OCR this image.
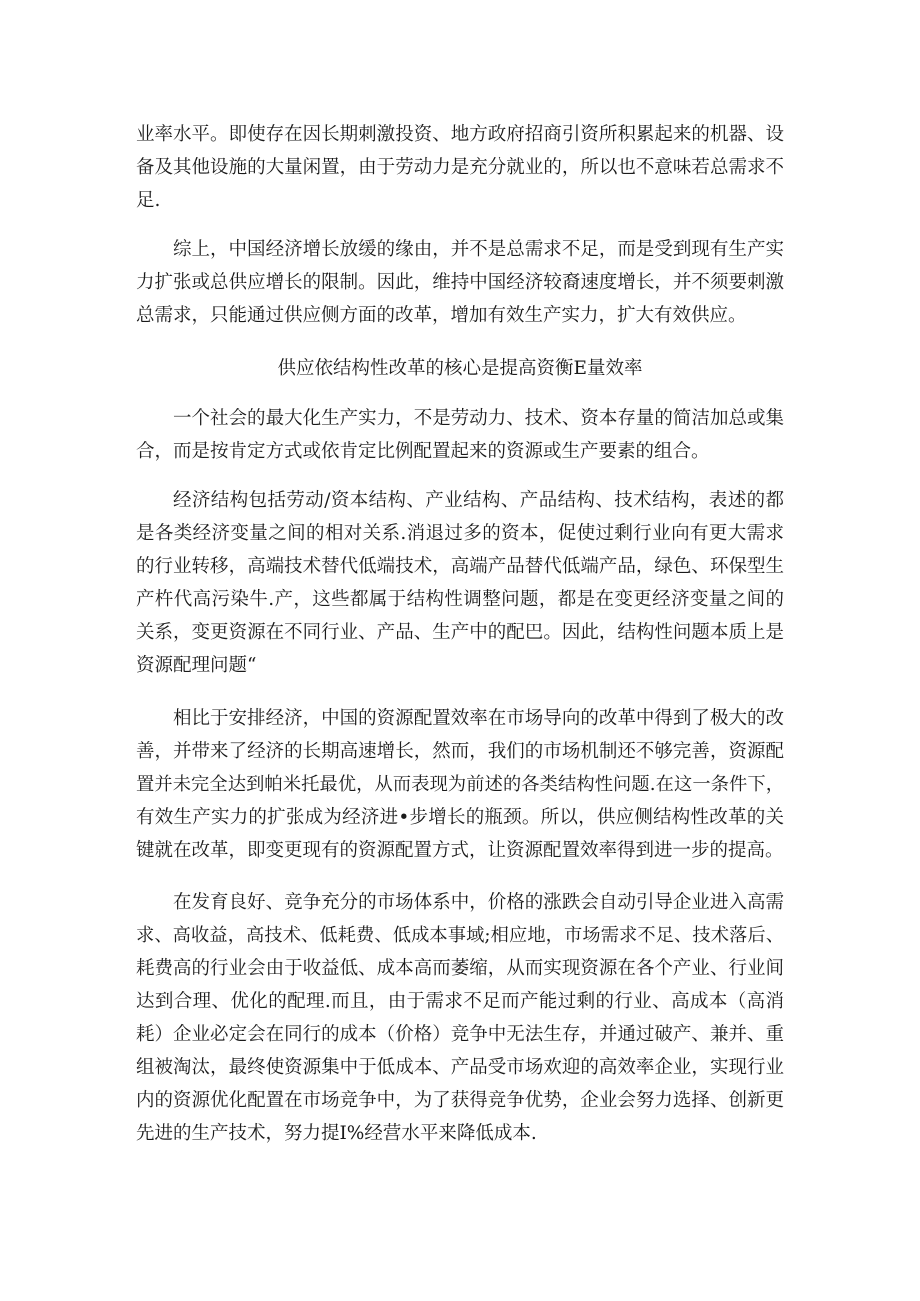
业率水平。即使存在因长期刺激投资、地方政府招商引资所积累起来的机器、设
备及其他设施的大量闲置，由于劳动力是充分就业的，所以也不意味若总需求不
足.
综上，中国经济增长放缓的缘由，并不是总需求不足，而是受到现有生产实
力扩张或总供应增长的限制。因此，维持中国经济较裔速度增长，并不须要刺激
总需求，只能通过供应侧方面的改革，增加有效生产实力，扩大有效供应。
供应依结构性改革的核心是提高资衡E量效率
一个社会的最大化生产实力，不是劳动力、技术、资本存量的简洁加总或集
合，而是按肯定方式或依肯定比例配置起来的资源或生产要素的组合。
经济结构包括劳动/资本结构、产业结构、产品结构、技术结构，表述的都
是各类经济变量之间的相对关系.消退过多的资本，促使过剩行业向有更大需求
的行业转移，高端技术替代低端技术，高端产品替代低端产品，绿色、环保型生
产杵代高污染牛.产，这些都属于结构性调整问题，都是在变更经济变量之间的
关系，变更资源在不同行业、产品、生产中的配巴。因此，结构性问题本质上是
资源配理问题“
相比于安排经济，中国的资源配置效率在市场导向的改革中得到了极大的改
善，并带来了经济的长期高速增长，然而，我们的市场机制还不够完善，资源配
置并未完全达到帕米托最优，从而表现为前述的各类结构性问题.在这一条件下，
有效生产实力的扩张成为经济进•步增长的瓶颈。所以，供应侧结构性改革的关
键就在改革，即变更现有的资源配置方式，让资源配置效率得到进一步的提高。
在发育良好、竞争充分的市场体系中，价格的涨跌会自动引导企业进入高需
求、高收益，高技术、低耗费、低成本事域;相应地，市场需求不足、技术落后、
耗费高的行业会由于收益低、成本高而萎缩，从而实现资源在各个产业、行业间
达到合理、优化的配理.而且，由于需求不足而产能过剩的行业、高成本（高消
耗）企业必定会在同行的成本（价格）竞争中无法生存，并通过破产、兼并、重
组被淘汰，最终使资源集中于低成本、产品受市场欢迎的高效率企业，实现行业
内的资源优化配置在市场竞争中，为了获得竞争优势，企业会努力选择、创新更
先进的生产技术，努力提I%经营水平来降低成本.
